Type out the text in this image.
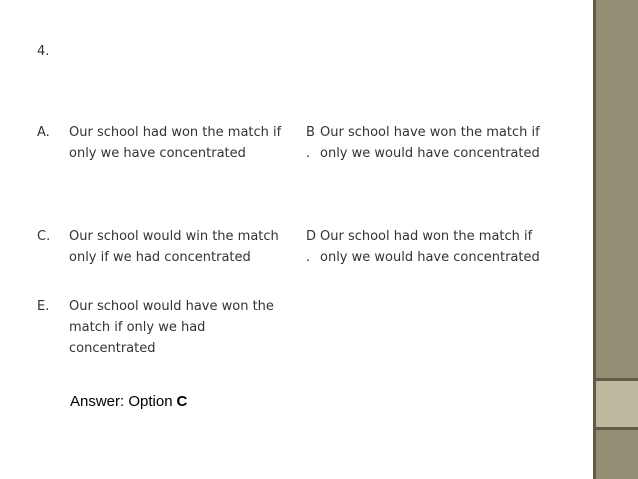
4.
A. Our school had won the match if
only we have concentrated
B
.
Our school have won the match if
only we would have concentrated
C. Our school would win the match
only if we had concentrated
D
.
Our school had won the match if
only we would have concentrated
E. Our school would have won the
match if only we had
concentrated
Answer: Option C
